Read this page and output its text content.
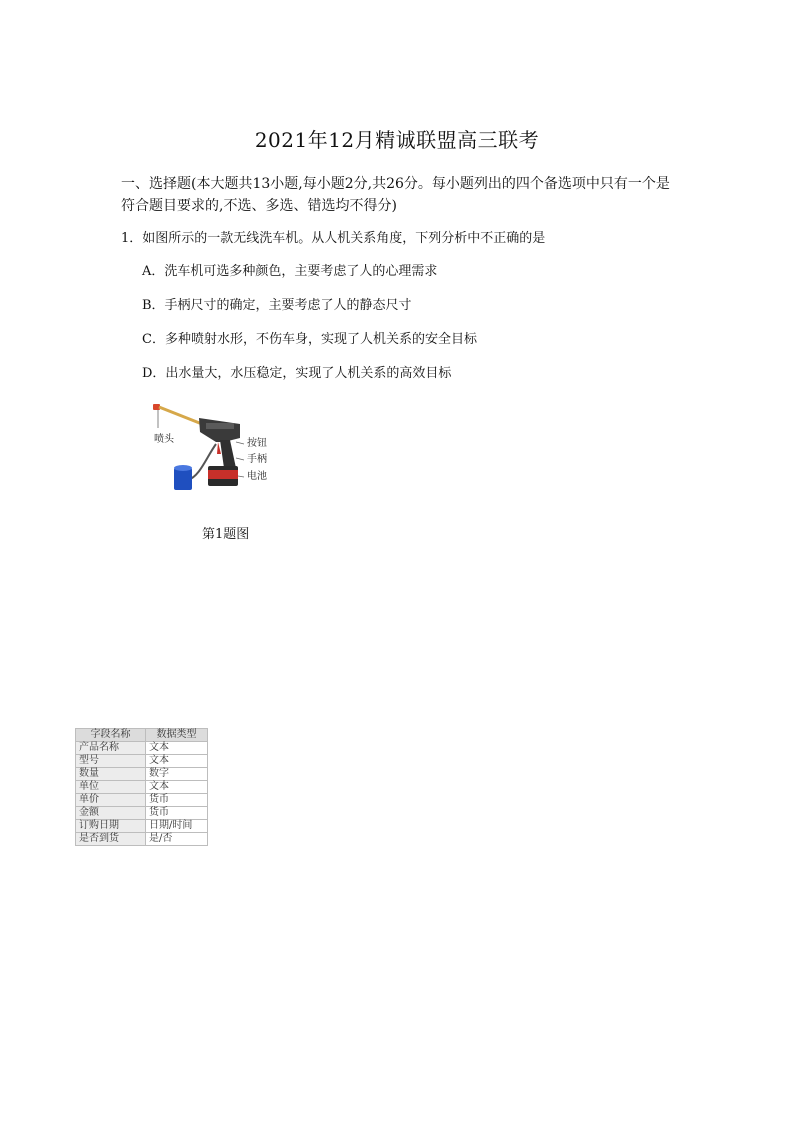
2021年12月精诚联盟高三联考
一、选择题(本大题共13小题,每小题2分,共26分。每小题列出的四个备选项中只有一个是
符合题目要求的,不选、多选、错选均不得分)
1．如图所示的一款无线洗车机。从人机关系角度，下列分析中不正确的是
A．洗车机可选多种颜色，主要考虑了人的心理需求
B．手柄尺寸的确定，主要考虑了人的静态尺寸
C．多种喷射水形，不伤车身，实现了人机关系的安全目标
D．出水量大，水压稳定，实现了人机关系的高效目标
喷头	按钮
手柄
电池
第1题图
字段名称	数据类型
产品名称	文本
型号	文本
数量	数字
单位	文本
单价	货币
金额	货币
订购日期	日期/时间
是否到货	是/否
